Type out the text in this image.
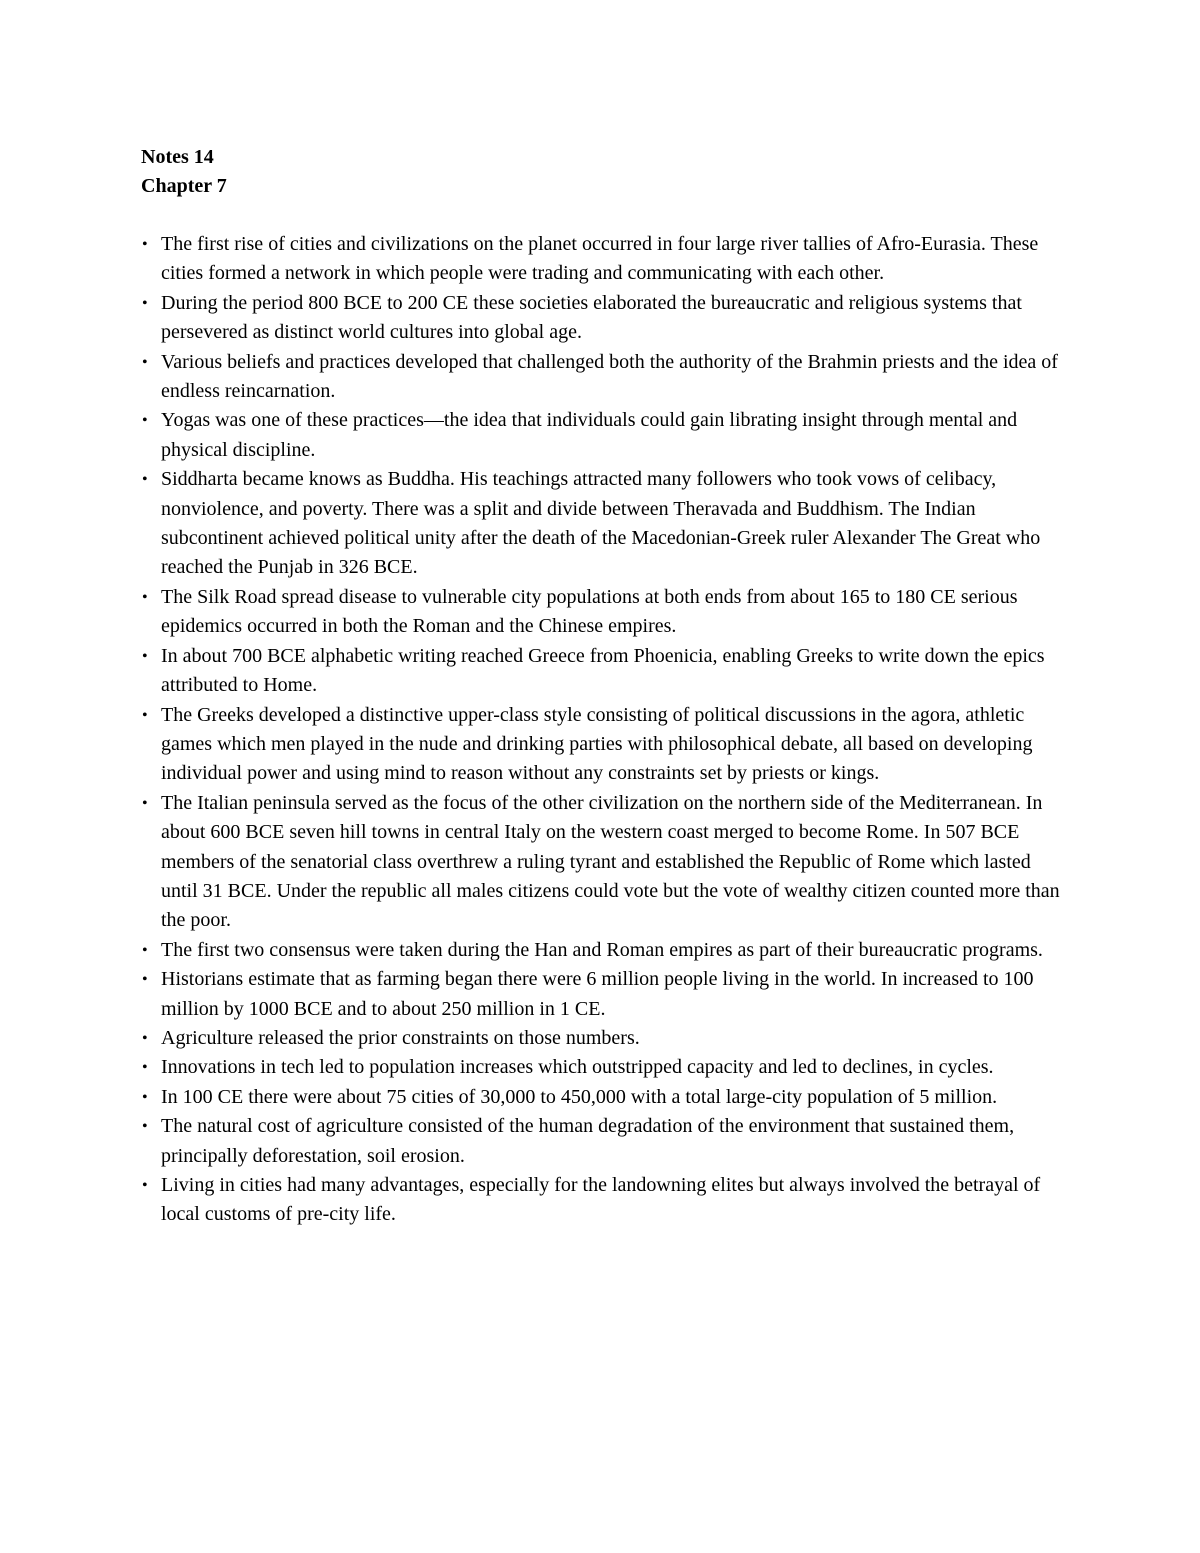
Notes 14

Chapter 7

• The first rise of cities and civilizations on the planet occurred in four large river tallies of Afro-Eurasia. These cities formed a network in which people were trading and communicating with each other.
• During the period 800 BCE to 200 CE these societies elaborated the bureaucratic and religious systems that persevered as distinct world cultures into global age.
• Various beliefs and practices developed that challenged both the authority of the Brahmin priests and the idea of endless reincarnation.
• Yogas was one of these practices—the idea that individuals could gain librating insight through mental and physical discipline.
• Siddharta became knows as Buddha. His teachings attracted many followers who took vows of celibacy, nonviolence, and poverty. There was a split and divide between Theravada and Buddhism. The Indian subcontinent achieved political unity after the death of the Macedonian-Greek ruler Alexander The Great who reached the Punjab in 326 BCE.
• The Silk Road spread disease to vulnerable city populations at both ends from about 165 to 180 CE serious epidemics occurred in both the Roman and the Chinese empires.
• In about 700 BCE alphabetic writing reached Greece from Phoenicia, enabling Greeks to write down the epics attributed to Home.
• The Greeks developed a distinctive upper-class style consisting of political discussions in the agora, athletic games which men played in the nude and drinking parties with philosophical debate, all based on developing individual power and using mind to reason without any constraints set by priests or kings.
• The Italian peninsula served as the focus of the other civilization on the northern side of the Mediterranean. In about 600 BCE seven hill towns in central Italy on the western coast merged to become Rome. In 507 BCE members of the senatorial class overthrew a ruling tyrant and established the Republic of Rome which lasted until 31 BCE. Under the republic all males citizens could vote but the vote of wealthy citizen counted more than the poor.
• The first two consensus were taken during the Han and Roman empires as part of their bureaucratic programs.
• Historians estimate that as farming began there were 6 million people living in the world. In increased to 100 million by 1000 BCE and to about 250 million in 1 CE.
• Agriculture released the prior constraints on those numbers.
• Innovations in tech led to population increases which outstripped capacity and led to declines, in cycles.
• In 100 CE there were about 75 cities of 30,000 to 450,000 with a total large-city population of 5 million.
• The natural cost of agriculture consisted of the human degradation of the environment that sustained them, principally deforestation, soil erosion.
• Living in cities had many advantages, especially for the landowning elites but always involved the betrayal of local customs of pre-city life.
